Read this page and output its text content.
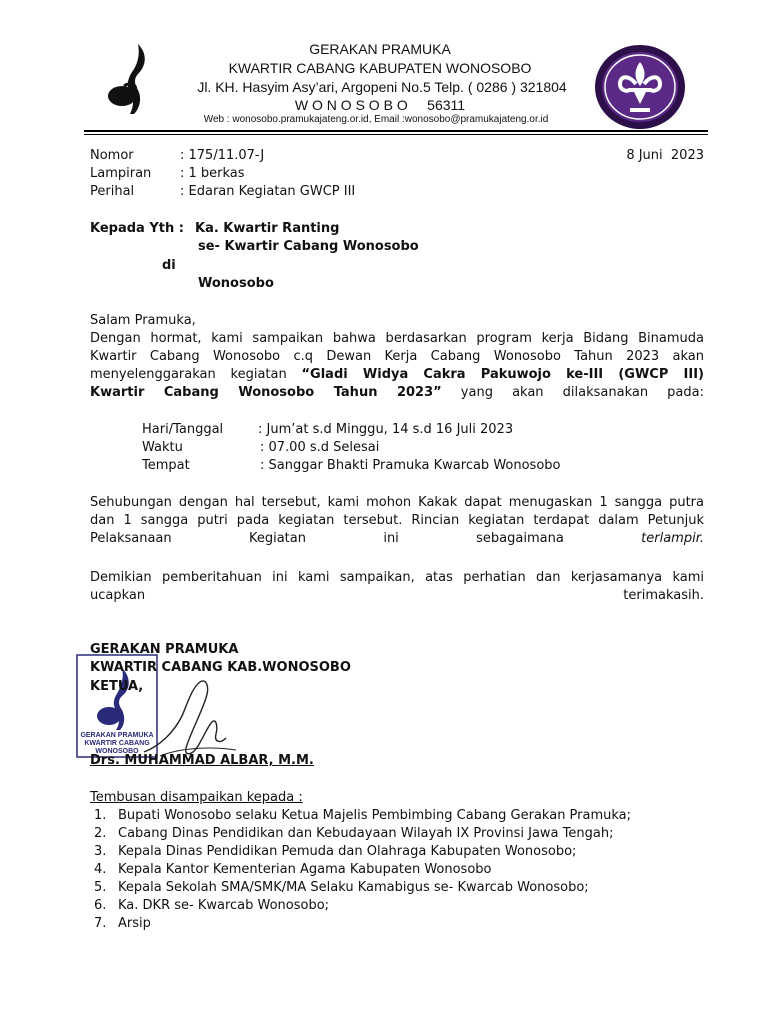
GERAKAN PRAMUKA
KWARTIR CABANG KABUPATEN WONOSOBO
Jl. KH. Hasyim Asy’ari, Argopeni No.5 Telp. ( 0286 ) 321804
W O N O S O B O     56311
Web : wonosobo.pramukajateng.or.id, Email :wonosobo@pramukajateng.or.id
Nomor	: 175/11.07-J	8 Juni  2023
Lampiran : 1 berkas
Perihal	: Edaran Kegiatan GWCP III
Kepada Yth : Ka. Kwartir Ranting
se- Kwartir Cabang Wonosobo
di
Wonosobo
Salam Pramuka,
Dengan hormat, kami sampaikan bahwa berdasarkan program kerja Bidang Binamuda
Kwartir Cabang Wonosobo c.q Dewan Kerja Cabang Wonosobo Tahun 2023 akan
menyelenggarakan kegiatan “Gladi Widya Cakra Pakuwojo ke-III (GWCP III)
Kwartir Cabang Wonosobo Tahun 2023” yang akan dilaksanakan pada:
Hari/Tanggal	: Jum’at s.d Minggu, 14 s.d 16 Juli 2023
Waktu	: 07.00 s.d Selesai
Tempat	: Sanggar Bhakti Pramuka Kwarcab Wonosobo
Sehubungan dengan hal tersebut, kami mohon Kakak dapat menugaskan 1 sangga putra
dan 1 sangga putri pada kegiatan tersebut. Rincian kegiatan terdapat dalam Petunjuk
Pelaksanaan Kegiatan ini sebagaimana terlampir.
Demikian pemberitahuan ini kami sampaikan, atas perhatian dan kerjasamanya kami
ucapkan terimakasih.
GERAKAN PRAMUKA
KWARTIR CABANG
WONOSOBO
GERAKAN PRAMUKA
KWARTIR CABANG KAB.WONOSOBO
KETUA,
Drs. MUHAMMAD ALBAR, M.M.
Tembusan disampaikan kepada :
1. Bupati Wonosobo selaku Ketua Majelis Pembimbing Cabang Gerakan Pramuka;
2. Cabang Dinas Pendidikan dan Kebudayaan Wilayah IX Provinsi Jawa Tengah;
3. Kepala Dinas Pendidikan Pemuda dan Olahraga Kabupaten Wonosobo;
4. Kepala Kantor Kementerian Agama Kabupaten Wonosobo
5. Kepala Sekolah SMA/SMK/MA Selaku Kamabigus se- Kwarcab Wonosobo;
6. Ka. DKR se- Kwarcab Wonosobo;
7. Arsip
